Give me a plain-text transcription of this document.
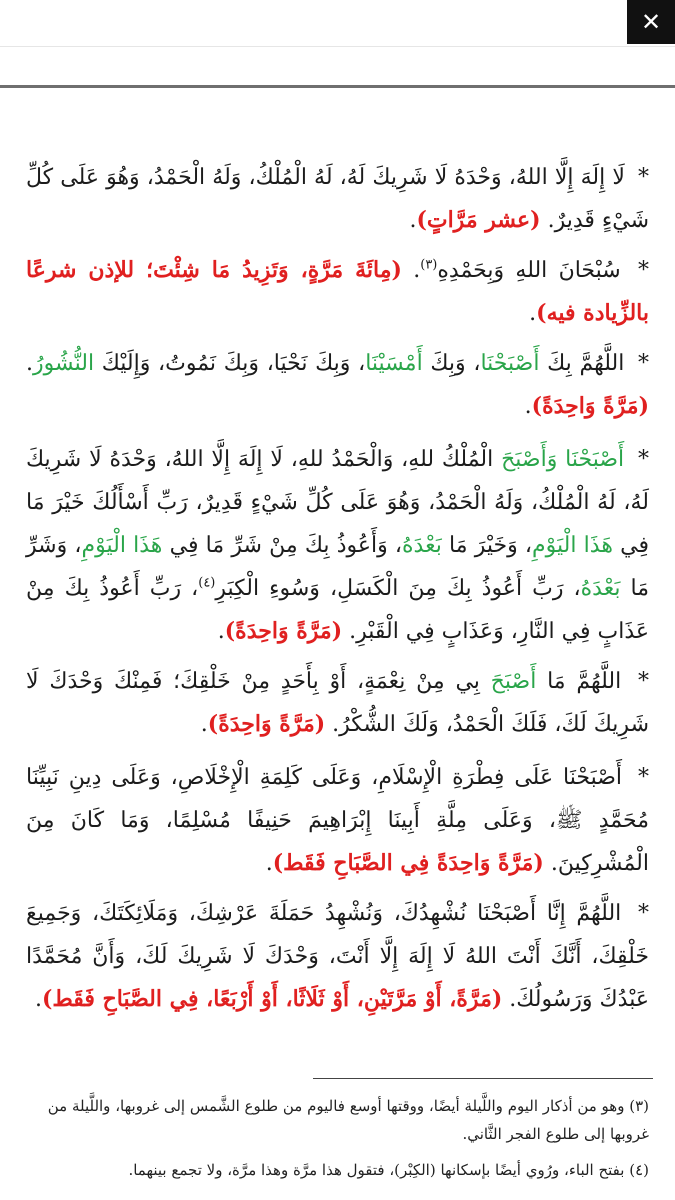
✕

* لَا إِلَهَ إِلَّا اللهُ، وَحْدَهُ لَا شَرِيكَ لَهُ، لَهُ الْمُلْكُ، وَلَهُ الْحَمْدُ، وَهُوَ عَلَى كُلِّ شَيْءٍ قَدِيرٌ. (عشر مَرَّاتٍ).

* سُبْحَانَ اللهِ وَبِحَمْدِهِ$^{(٣)}$. (مِائَةَ مَرَّةٍ، وَتَزِيدُ مَا شِئْتَ؛ للإذن شرعًا بالزِّيادة فيه).

* اللَّهُمَّ بِكَ أَصْبَحْنَا، وَبِكَ أَمْسَيْنَا، وَبِكَ نَحْيَا، وَبِكَ نَمُوتُ، وَإِلَيْكَ النُّشُورُ. (مَرَّةً وَاحِدَةً).

* أَصْبَحْنَا وَأَصْبَحَ الْمُلْكُ للهِ، وَالْحَمْدُ للهِ، لَا إِلَهَ إِلَّا اللهُ، وَحْدَهُ لَا شَرِيكَ لَهُ، لَهُ الْمُلْكُ، وَلَهُ الْحَمْدُ، وَهُوَ عَلَى كُلِّ شَيْءٍ قَدِيرٌ، رَبِّ أَسْأَلُكَ خَيْرَ مَا فِي هَذَا الْيَوْمِ، وَخَيْرَ مَا بَعْدَهُ، وَأَعُوذُ بِكَ مِنْ شَرِّ مَا فِي هَذَا الْيَوْمِ، وَشَرِّ مَا بَعْدَهُ، رَبِّ أَعُوذُ بِكَ مِنَ الْكَسَلِ، وَسُوءِ الْكِبَرِ$^{(٤)}$، رَبِّ أَعُوذُ بِكَ مِنْ عَذَابٍ فِي النَّارِ، وَعَذَابٍ فِي الْقَبْرِ. (مَرَّةً وَاحِدَةً).

* اللَّهُمَّ مَا أَصْبَحَ بِي مِنْ نِعْمَةٍ، أَوْ بِأَحَدٍ مِنْ خَلْقِكَ؛ فَمِنْكَ وَحْدَكَ لَا شَرِيكَ لَكَ، فَلَكَ الْحَمْدُ، وَلَكَ الشُّكْرُ. (مَرَّةً وَاحِدَةً).

* أَصْبَحْنَا عَلَى فِطْرَةِ الْإِسْلَامِ، وَعَلَى كَلِمَةِ الْإِخْلَاصِ، وَعَلَى دِينِ نَبِيِّنَا مُحَمَّدٍ ﷺ، وَعَلَى مِلَّةِ أَبِينَا إِبْرَاهِيمَ حَنِيفًا مُسْلِمًا، وَمَا كَانَ مِنَ الْمُشْرِكِينَ. (مَرَّةً وَاحِدَةً فِي الصَّبَاحِ فَقَط).

* اللَّهُمَّ إِنَّا أَصْبَحْنَا نُشْهِدُكَ، وَنُشْهِدُ حَمَلَةَ عَرْشِكَ، وَمَلَائِكَتَكَ، وَجَمِيعَ خَلْقِكَ، أَنَّكَ أَنْتَ اللهُ لَا إِلَهَ إِلَّا أَنْتَ، وَحْدَكَ لَا شَرِيكَ لَكَ، وَأَنَّ مُحَمَّدًا عَبْدُكَ وَرَسُولُكَ. (مَرَّةً، أَوْ مَرَّتَيْنِ، أَوْ ثَلَاثًا، أَوْ أَرْبَعًا، فِي الصَّبَاحِ فَقَط).

(٣) وهو من أذكار اليوم واللَّيلة أيضًا، ووقتها أوسع فاليوم من طلوع الشَّمس إلى غروبها، واللَّيلة من غروبها إلى طلوع الفجر الثَّاني.

(٤) بفتح الباء، ورُوي أيضًا بإسكانها (الكِبْر)، فتقول هذا مرَّة وهذا مرَّة، ولا تجمع بينهما.
